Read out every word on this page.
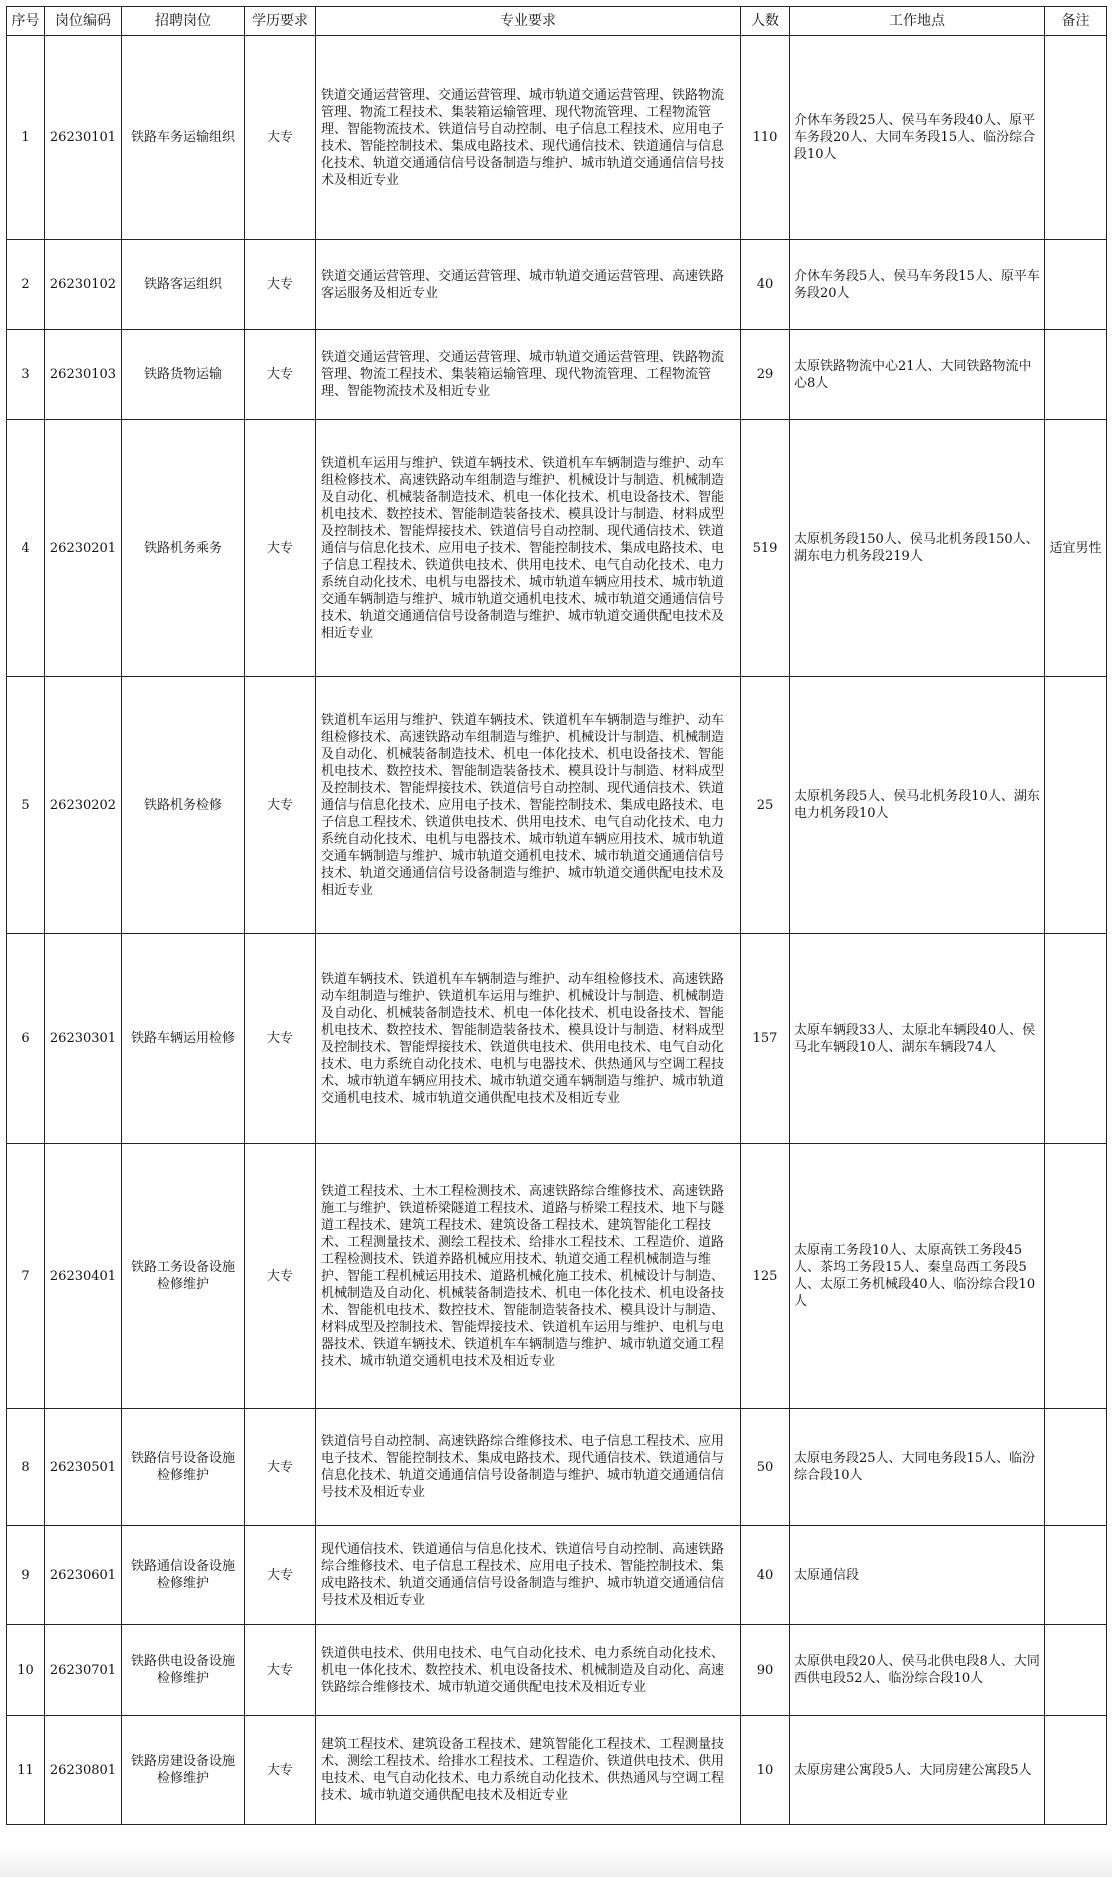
序号	岗位编码	招聘岗位	学历要求	专业要求	人数	工作地点	备注
1	26230101	铁路车务运输组织	大专	铁道交通运营管理、交通运营管理、城市轨道交通运营管理、铁路物流管理、物流工程技术、集装箱运输管理、现代物流管理、工程物流管理、智能物流技术、铁道信号自动控制、电子信息工程技术、应用电子技术、智能控制技术、集成电路技术、现代通信技术、铁道通信与信息化技术、轨道交通通信信号设备制造与维护、城市轨道交通通信信号技术及相近专业	110	介休车务段25人、侯马车务段40人、原平车务段20人、大同车务段15人、临汾综合段10人	
2	26230102	铁路客运组织	大专	铁道交通运营管理、交通运营管理、城市轨道交通运营管理、高速铁路客运服务及相近专业	40	介休车务段5人、侯马车务段15人、原平车务段20人	
3	26230103	铁路货物运输	大专	铁道交通运营管理、交通运营管理、城市轨道交通运营管理、铁路物流管理、物流工程技术、集装箱运输管理、现代物流管理、工程物流管理、智能物流技术及相近专业	29	太原铁路物流中心21人、大同铁路物流中心8人	
4	26230201	铁路机务乘务	大专	铁道机车运用与维护、铁道车辆技术、铁道机车车辆制造与维护、动车组检修技术、高速铁路动车组制造与维护、机械设计与制造、机械制造及自动化、机械装备制造技术、机电一体化技术、机电设备技术、智能机电技术、数控技术、智能制造装备技术、模具设计与制造、材料成型及控制技术、智能焊接技术、铁道信号自动控制、现代通信技术、铁道通信与信息化技术、应用电子技术、智能控制技术、集成电路技术、电子信息工程技术、铁道供电技术、供用电技术、电气自动化技术、电力系统自动化技术、电机与电器技术、城市轨道车辆应用技术、城市轨道交通车辆制造与维护、城市轨道交通机电技术、城市轨道交通通信信号技术、轨道交通通信信号设备制造与维护、城市轨道交通供配电技术及相近专业	519	太原机务段150人、侯马北机务段150人、湖东电力机务段219人	适宜男性
5	26230202	铁路机务检修	大专	铁道机车运用与维护、铁道车辆技术、铁道机车车辆制造与维护、动车组检修技术、高速铁路动车组制造与维护、机械设计与制造、机械制造及自动化、机械装备制造技术、机电一体化技术、机电设备技术、智能机电技术、数控技术、智能制造装备技术、模具设计与制造、材料成型及控制技术、智能焊接技术、铁道信号自动控制、现代通信技术、铁道通信与信息化技术、应用电子技术、智能控制技术、集成电路技术、电子信息工程技术、铁道供电技术、供用电技术、电气自动化技术、电力系统自动化技术、电机与电器技术、城市轨道车辆应用技术、城市轨道交通车辆制造与维护、城市轨道交通机电技术、城市轨道交通通信信号技术、轨道交通通信信号设备制造与维护、城市轨道交通供配电技术及相近专业	25	太原机务段5人、侯马北机务段10人、湖东电力机务段10人	
6	26230301	铁路车辆运用检修	大专	铁道车辆技术、铁道机车车辆制造与维护、动车组检修技术、高速铁路动车组制造与维护、铁道机车运用与维护、机械设计与制造、机械制造及自动化、机械装备制造技术、机电一体化技术、机电设备技术、智能机电技术、数控技术、智能制造装备技术、模具设计与制造、材料成型及控制技术、智能焊接技术、铁道供电技术、供用电技术、电气自动化技术、电力系统自动化技术、电机与电器技术、供热通风与空调工程技术、城市轨道车辆应用技术、城市轨道交通车辆制造与维护、城市轨道交通机电技术、城市轨道交通供配电技术及相近专业	157	太原车辆段33人、太原北车辆段40人、侯马北车辆段10人、湖东车辆段74人	
7	26230401	铁路工务设备设施检修维护	大专	铁道工程技术、土木工程检测技术、高速铁路综合维修技术、高速铁路施工与维护、铁道桥梁隧道工程技术、道路与桥梁工程技术、地下与隧道工程技术、建筑工程技术、建筑设备工程技术、建筑智能化工程技术、工程测量技术、测绘工程技术、给排水工程技术、工程造价、道路工程检测技术、铁道养路机械应用技术、轨道交通工程机械制造与维护、智能工程机械运用技术、道路机械化施工技术、机械设计与制造、机械制造及自动化、机械装备制造技术、机电一体化技术、机电设备技术、智能机电技术、数控技术、智能制造装备技术、模具设计与制造、材料成型及控制技术、智能焊接技术、铁道机车运用与维护、电机与电器技术、铁道车辆技术、铁道机车车辆制造与维护、城市轨道交通工程技术、城市轨道交通机电技术及相近专业	125	太原南工务段10人、太原高铁工务段45人、茶坞工务段15人、秦皇岛西工务段5人、太原工务机械段40人、临汾综合段10人	
8	26230501	铁路信号设备设施检修维护	大专	铁道信号自动控制、高速铁路综合维修技术、电子信息工程技术、应用电子技术、智能控制技术、集成电路技术、现代通信技术、铁道通信与信息化技术、轨道交通通信信号设备制造与维护、城市轨道交通通信信号技术及相近专业	50	太原电务段25人、大同电务段15人、临汾综合段10人	
9	26230601	铁路通信设备设施检修维护	大专	现代通信技术、铁道通信与信息化技术、铁道信号自动控制、高速铁路综合维修技术、电子信息工程技术、应用电子技术、智能控制技术、集成电路技术、轨道交通通信信号设备制造与维护、城市轨道交通通信信号技术及相近专业	40	太原通信段	
10	26230701	铁路供电设备设施检修维护	大专	铁道供电技术、供用电技术、电气自动化技术、电力系统自动化技术、机电一体化技术、数控技术、机电设备技术、机械制造及自动化、高速铁路综合维修技术、城市轨道交通供配电技术及相近专业	90	太原供电段20人、侯马北供电段8人、大同西供电段52人、临汾综合段10人	
11	26230801	铁路房建设备设施检修维护	大专	建筑工程技术、建筑设备工程技术、建筑智能化工程技术、工程测量技术、测绘工程技术、给排水工程技术、工程造价、铁道供电技术、供用电技术、电气自动化技术、电力系统自动化技术、供热通风与空调工程技术、城市轨道交通供配电技术及相近专业	10	太原房建公寓段5人、大同房建公寓段5人	
